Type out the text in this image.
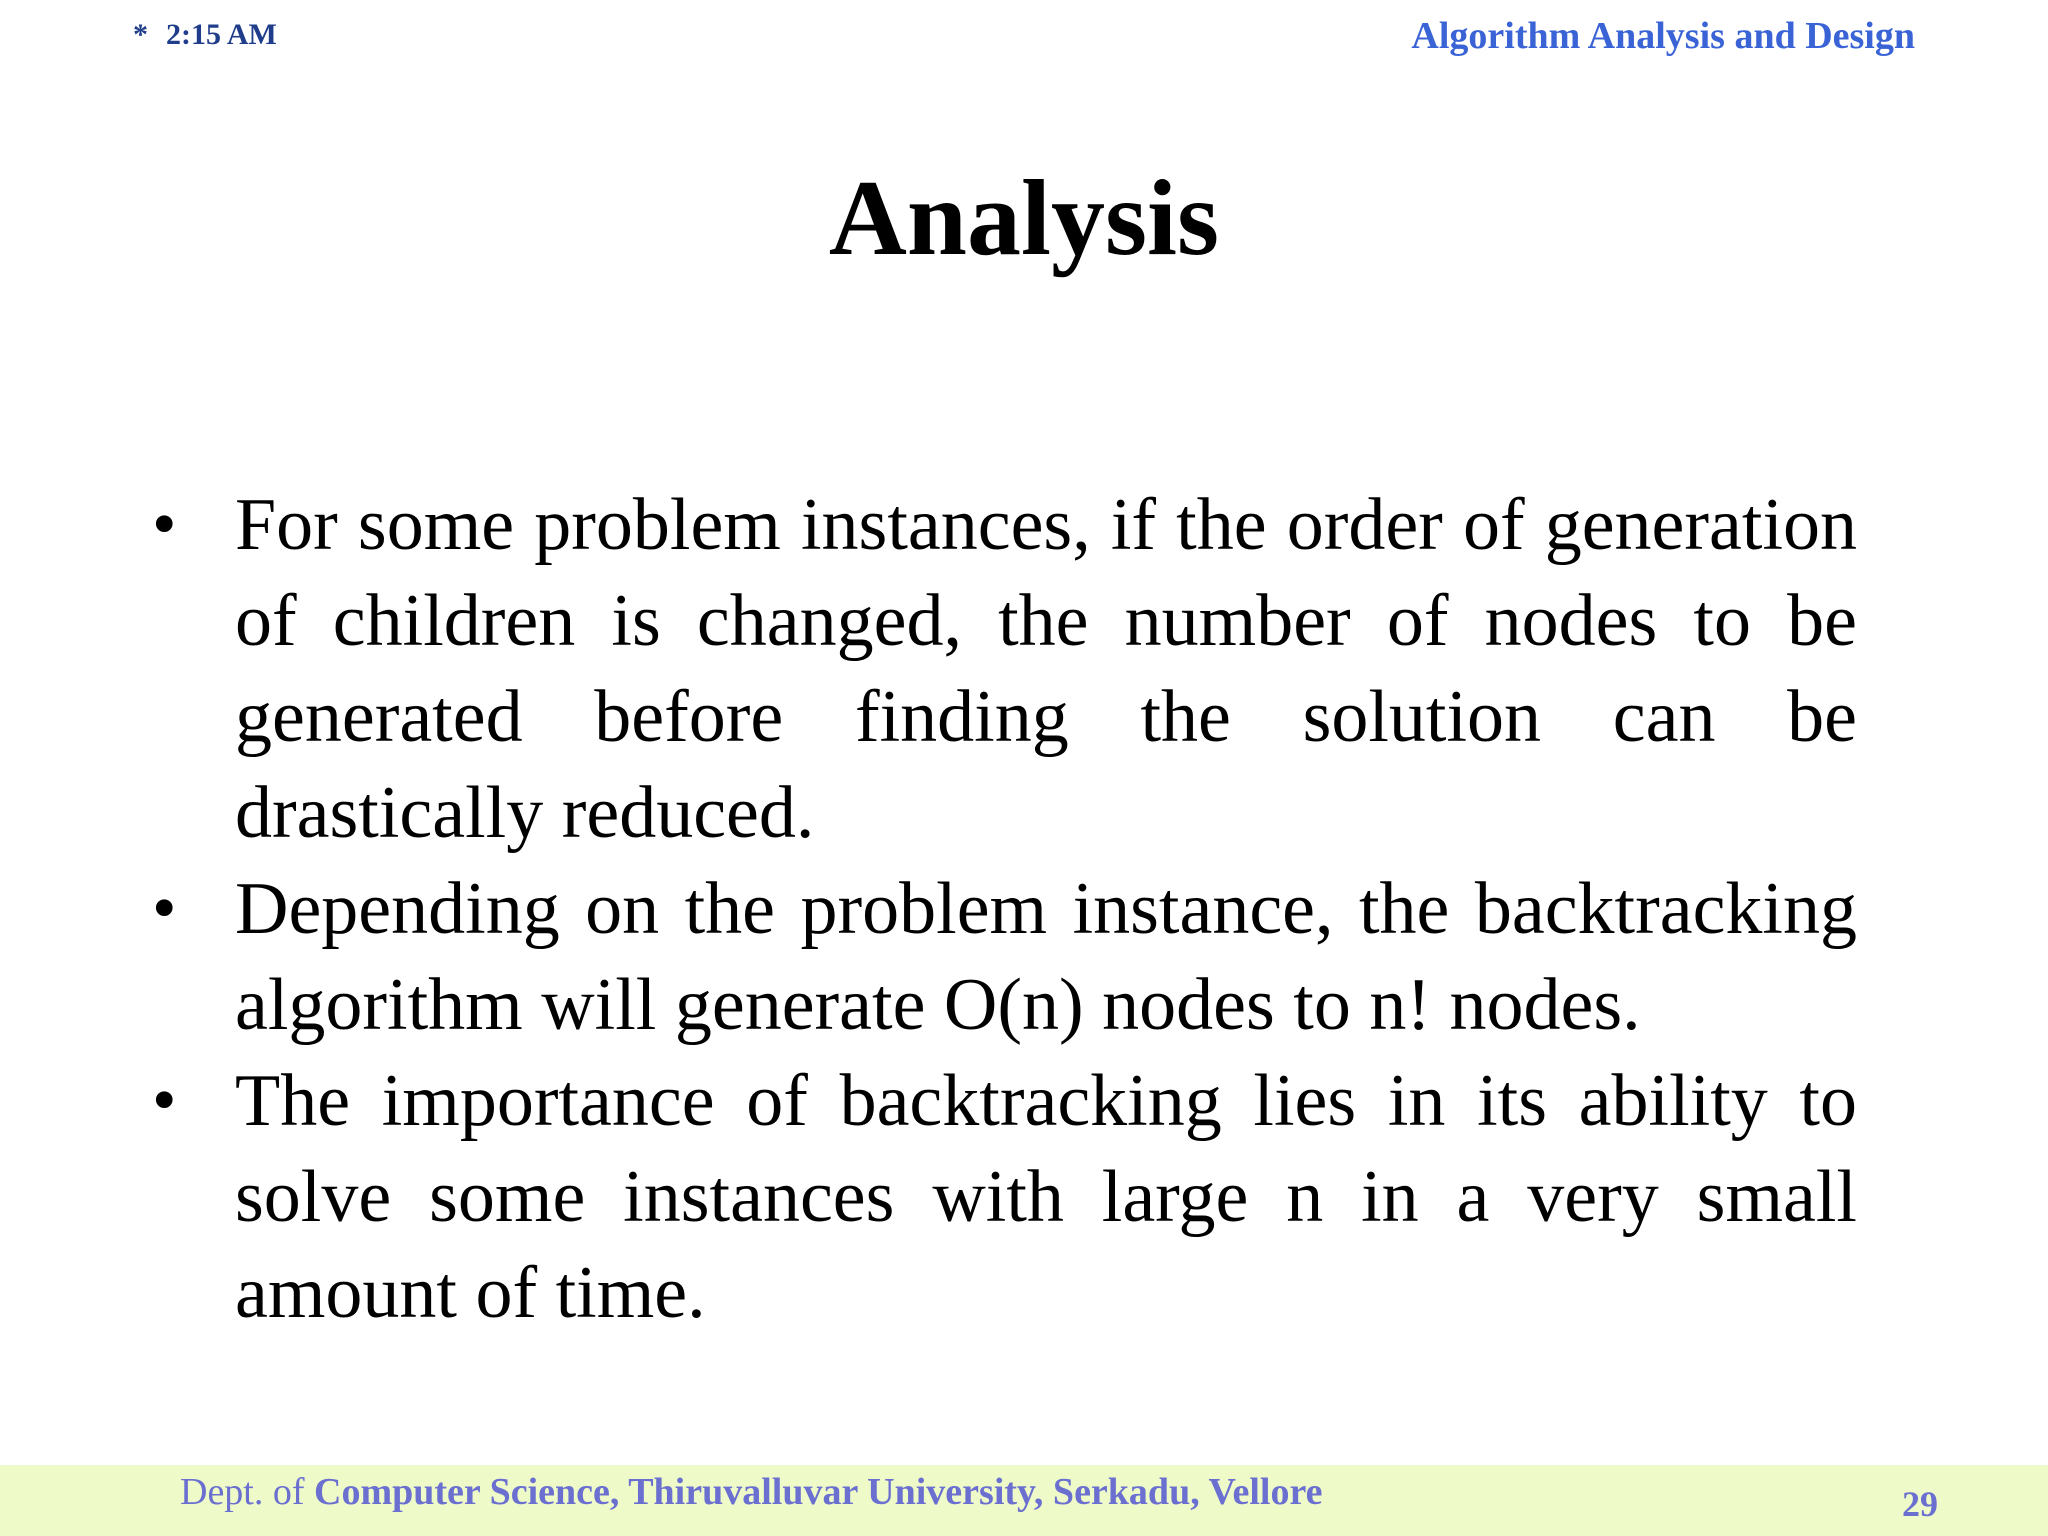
* 2:15 AM	Algorithm Analysis and Design
Analysis
• For some problem instances, if the order of generation of children is changed, the number of nodes to be generated before finding the solution can be drastically reduced.
• Depending on the problem instance, the backtracking algorithm will generate O(n) nodes to n! nodes.
• The importance of backtracking lies in its ability to solve some instances with large n in a very small amount of time.
Dept. of Computer Science, Thiruvalluvar University, Serkadu, Vellore	29
